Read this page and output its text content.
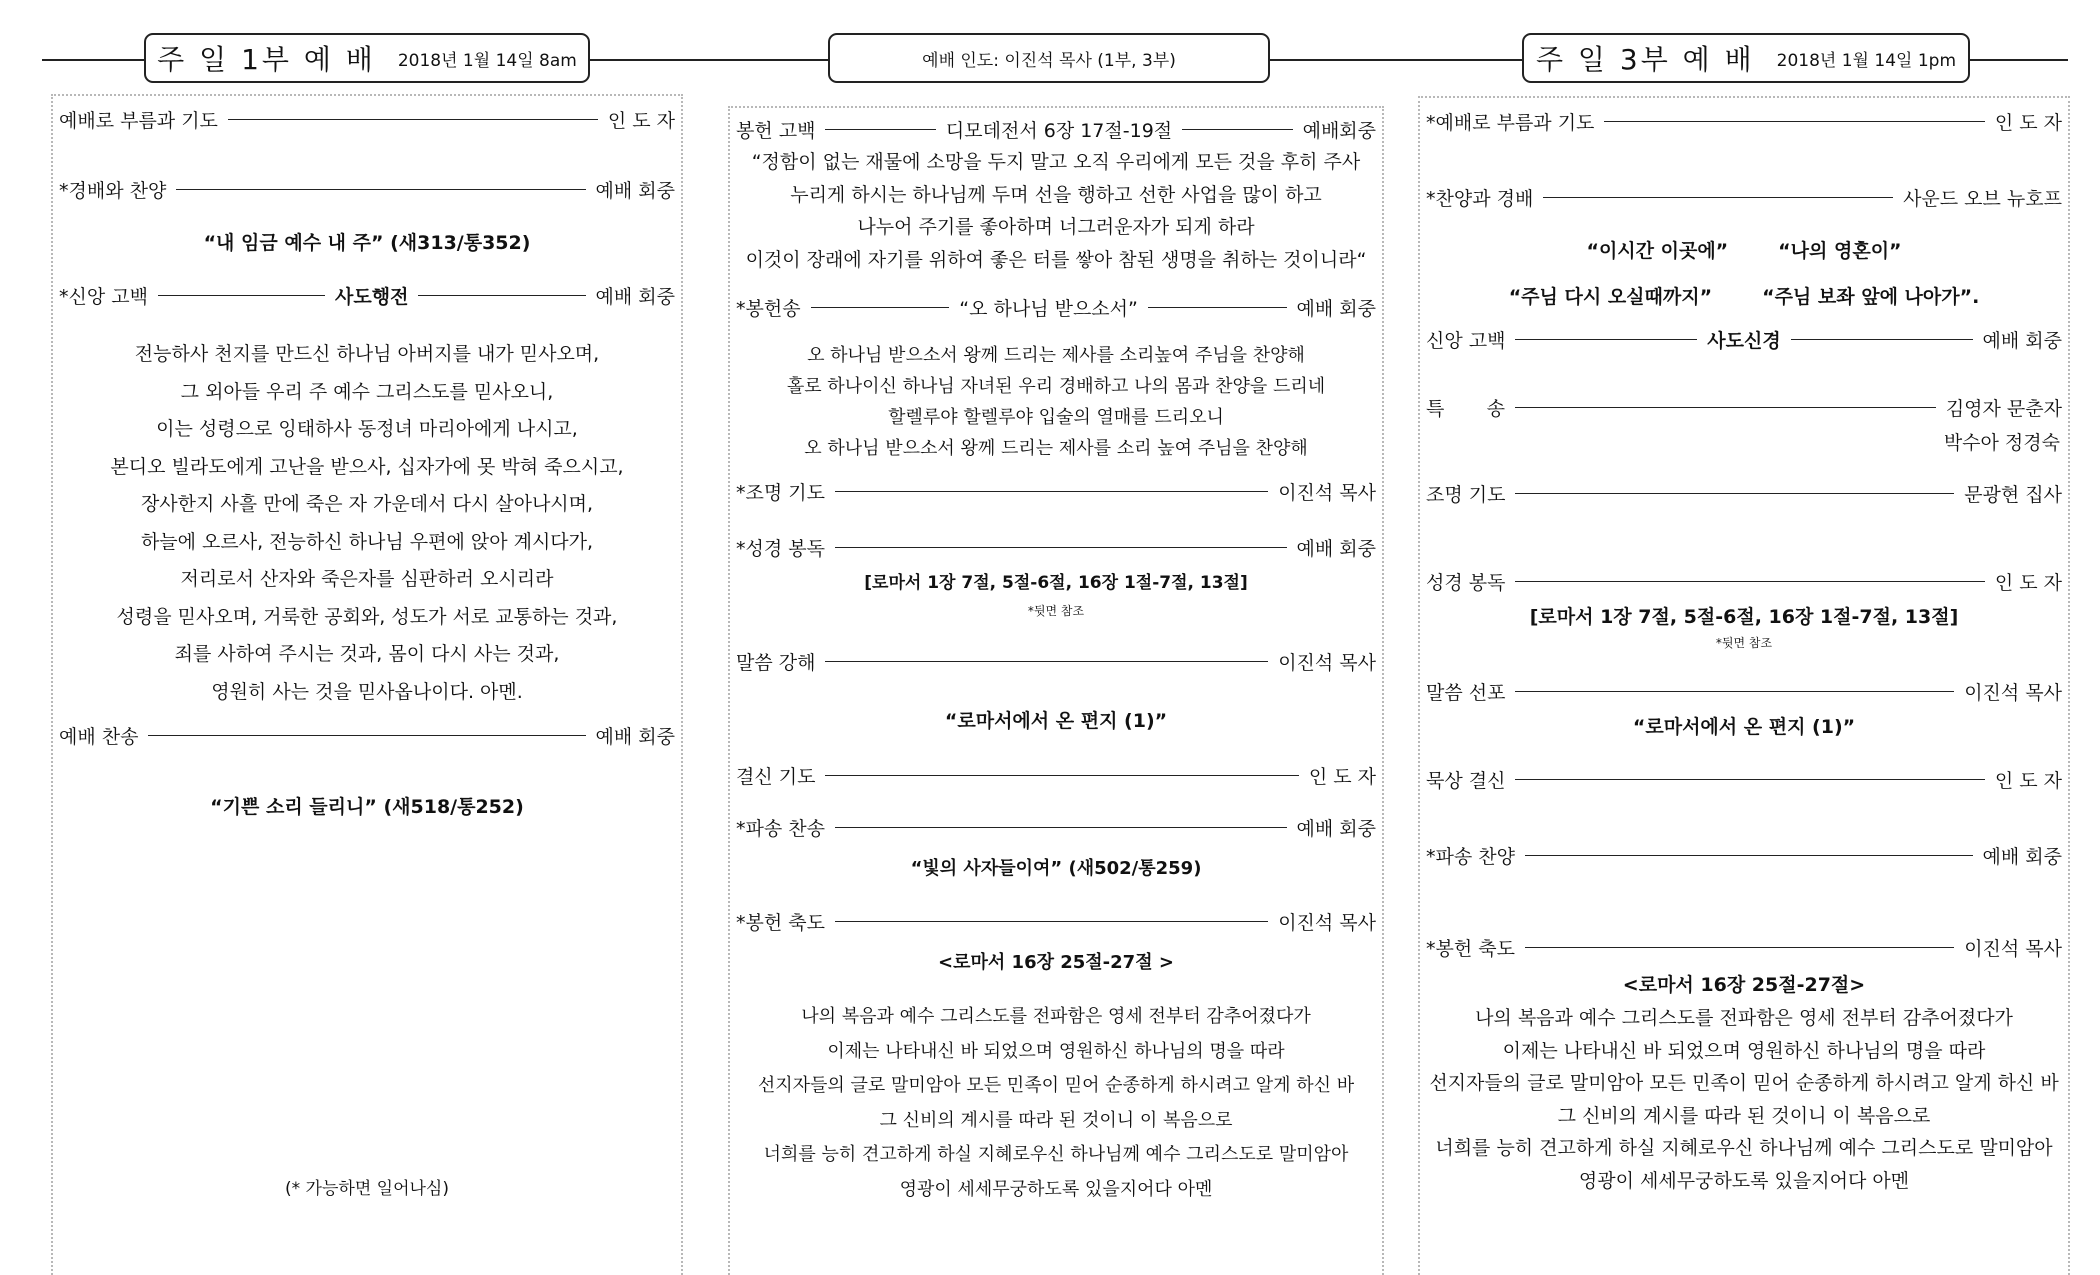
주 일 1부 예 배 2018년 1월 14일 8am	예배 인도: 이진석 목사 (1부, 3부)	주 일 3부 예 배 2018년 1월 14일 1pm
예배로 부름과 기도	인 도 자
*경배와 찬양	예배 회중
“내 임금 예수 내 주” (새313/통352)
*신앙 고백	사도행전	예배 회중
전능하사 천지를 만드신 하나님 아버지를 내가 믿사오며,
그 외아들 우리 주 예수 그리스도를 믿사오니,
이는 성령으로 잉태하사 동정녀 마리아에게 나시고,
본디오 빌라도에게 고난을 받으사, 십자가에 못 박혀 죽으시고,
장사한지 사흘 만에 죽은 자 가운데서 다시 살아나시며,
하늘에 오르사, 전능하신 하나님 우편에 앉아 계시다가,
저리로서 산자와 죽은자를 심판하러 오시리라
성령을 믿사오며, 거룩한 공회와, 성도가 서로 교통하는 것과,
죄를 사하여 주시는 것과, 몸이 다시 사는 것과,
영원히 사는 것을 믿사옵나이다. 아멘.
예배 찬송	예배 회중
“기쁜 소리 들리니” (새518/통252)
(* 가능하면 일어나심)
봉헌 고백	디모데전서 6장 17절-19절	예배회중
“정함이 없는 재물에 소망을 두지 말고 오직 우리에게 모든 것을 후히 주사
누리게 하시는 하나님께 두며 선을 행하고 선한 사업을 많이 하고
나누어 주기를 좋아하며 너그러운자가 되게 하라
이것이 장래에 자기를 위하여 좋은 터를 쌓아 참된 생명을 취하는 것이니라“
*봉헌송	“오 하나님 받으소서”	예배 회중
오 하나님 받으소서 왕께 드리는 제사를 소리높여 주님을 찬양해
홀로 하나이신 하나님 자녀된 우리 경배하고 나의 몸과 찬양을 드리네
할렐루야 할렐루야 입술의 열매를 드리오니
오 하나님 받으소서 왕께 드리는 제사를 소리 높여 주님을 찬양해
*조명 기도	이진석 목사
*성경 봉독	예배 회중
[로마서 1장 7절, 5절-6절, 16장 1절-7절, 13절]
*뒷면 참조
말씀 강해	이진석 목사
“로마서에서 온 편지 (1)”
결신 기도	인 도 자
*파송 찬송	예배 회중
“빛의 사자들이여” (새502/통259)
*봉헌 축도	이진석 목사
<로마서 16장 25절-27절 >
나의 복음과 예수 그리스도를 전파함은 영세 전부터 감추어졌다가
이제는 나타내신 바 되었으며 영원하신 하나님의 명을 따라
선지자들의 글로 말미암아 모든 민족이 믿어 순종하게 하시려고 알게 하신 바
그 신비의 계시를 따라 된 것이니 이 복음으로
너희를 능히 견고하게 하실 지혜로우신 하나님께 예수 그리스도로 말미암아
영광이 세세무궁하도록 있을지어다 아멘
*예배로 부름과 기도	인 도 자
*찬양과 경배	사운드 오브 뉴호프
“이시간 이곳에”	“나의 영혼이”
“주님 다시 오실때까지”	“주님 보좌 앞에 나아가”.
신앙 고백	사도신경	예배 회중
특       송	김영자 문춘자
박수아 정경숙
조명 기도	문광현 집사
성경 봉독	인 도 자
[로마서 1장 7절, 5절-6절, 16장 1절-7절, 13절]
*뒷면 참조
말씀 선포	이진석 목사
“로마서에서 온 편지 (1)”
묵상 결신	인 도 자
*파송 찬양	예배 회중
*봉헌 축도	이진석 목사
<로마서 16장 25절-27절>
나의 복음과 예수 그리스도를 전파함은 영세 전부터 감추어졌다가
이제는 나타내신 바 되었으며 영원하신 하나님의 명을 따라
선지자들의 글로 말미암아 모든 민족이 믿어 순종하게 하시려고 알게 하신 바
그 신비의 계시를 따라 된 것이니 이 복음으로
너희를 능히 견고하게 하실 지혜로우신 하나님께 예수 그리스도로 말미암아
영광이 세세무궁하도록 있을지어다 아멘
